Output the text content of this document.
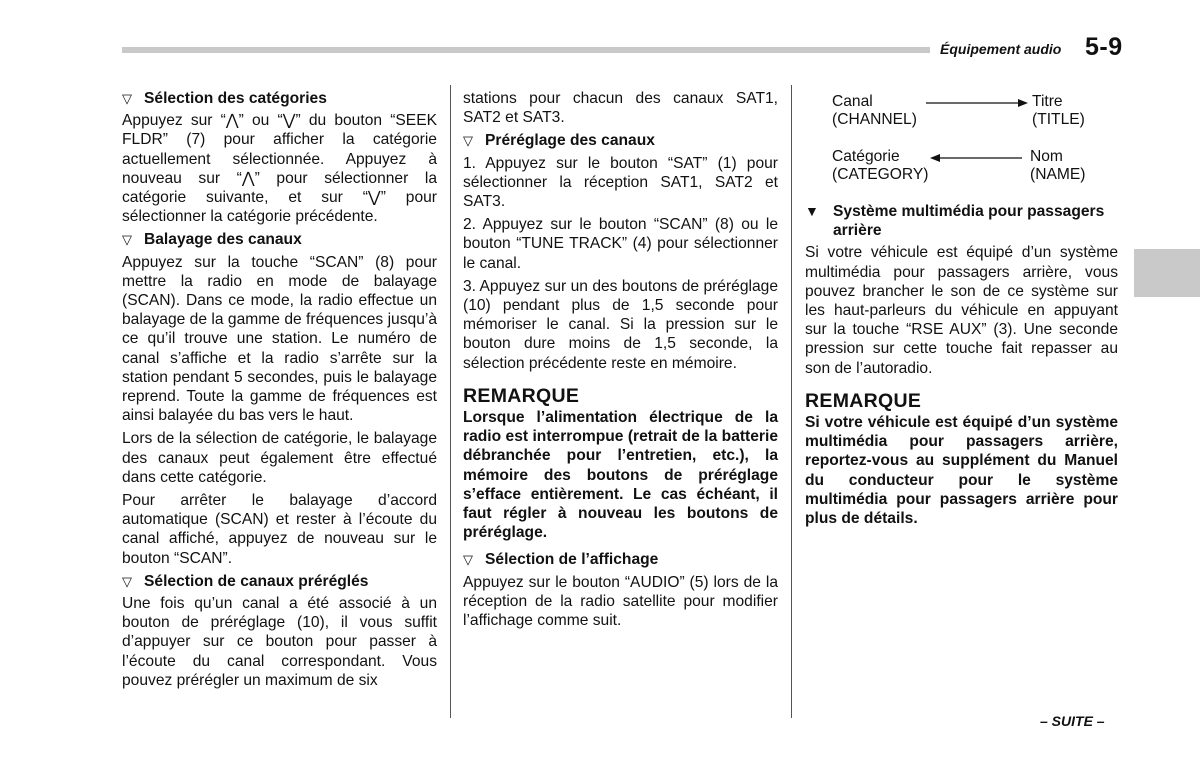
Équipement audio 5-9
▽ Sélection des catégories

Appuyez sur “⋀” ou “⋁” du bouton “SEEK FLDR” (7) pour afficher la catégorie actuellement sélectionnée. Appuyez à nouveau sur “⋀” pour sélectionner la catégorie suivante, et sur “⋁” pour sélectionner la catégorie précédente.

▽ Balayage des canaux

Appuyez sur la touche “SCAN” (8) pour mettre la radio en mode de balayage (SCAN). Dans ce mode, la radio effectue un balayage de la gamme de fréquences jusqu’à ce qu’il trouve une station. Le numéro de canal s’affiche et la radio s’arrête sur la station pendant 5 secondes, puis le balayage reprend. Toute la gamme de fréquences est ainsi balayée du bas vers le haut.

Lors de la sélection de catégorie, le balayage des canaux peut également être effectué dans cette catégorie.

Pour arrêter le balayage d’accord automatique (SCAN) et rester à l’écoute du canal affiché, appuyez de nouveau sur le bouton “SCAN”.

▽ Sélection de canaux préréglés

Une fois qu’un canal a été associé à un bouton de préréglage (10), il vous suffit d’appuyer sur ce bouton pour passer à l’écoute du canal correspondant. Vous pouvez prérégler un maximum de six

stations pour chacun des canaux SAT1, SAT2 et SAT3.

▽ Préréglage des canaux

1. Appuyez sur le bouton “SAT” (1) pour sélectionner la réception SAT1, SAT2 et SAT3.

2. Appuyez sur le bouton “SCAN” (8) ou le bouton “TUNE TRACK” (4) pour sélectionner le canal.

3. Appuyez sur un des boutons de préréglage (10) pendant plus de 1,5 seconde pour mémoriser le canal. Si la pression sur le bouton dure moins de 1,5 seconde, la sélection précédente reste en mémoire.

REMARQUE

Lorsque l’alimentation électrique de la radio est interrompue (retrait de la batterie débranchée pour l’entretien, etc.), la mémoire des boutons de préréglage s’efface entièrement. Le cas échéant, il faut régler à nouveau les boutons de préréglage.

▽ Sélection de l’affichage

Appuyez sur le bouton “AUDIO” (5) lors de la réception de la radio satellite pour modifier l’affichage comme suit.

Canal
(CHANNEL)
Titre
(TITLE)
Catégorie
(CATEGORY)
Nom
(NAME)
▼ Système multimédia pour passagers arrière

Si votre véhicule est équipé d’un système multimédia pour passagers arrière, vous pouvez brancher le son de ce système sur les haut-parleurs du véhicule en appuyant sur la touche “RSE AUX” (3). Une seconde pression sur cette touche fait repasser au son de l’autoradio.

REMARQUE

Si votre véhicule est équipé d’un système multimédia pour passagers arrière, reportez-vous au supplément du Manuel du conducteur pour le système multimédia pour passagers arrière pour plus de détails.

– SUITE –
